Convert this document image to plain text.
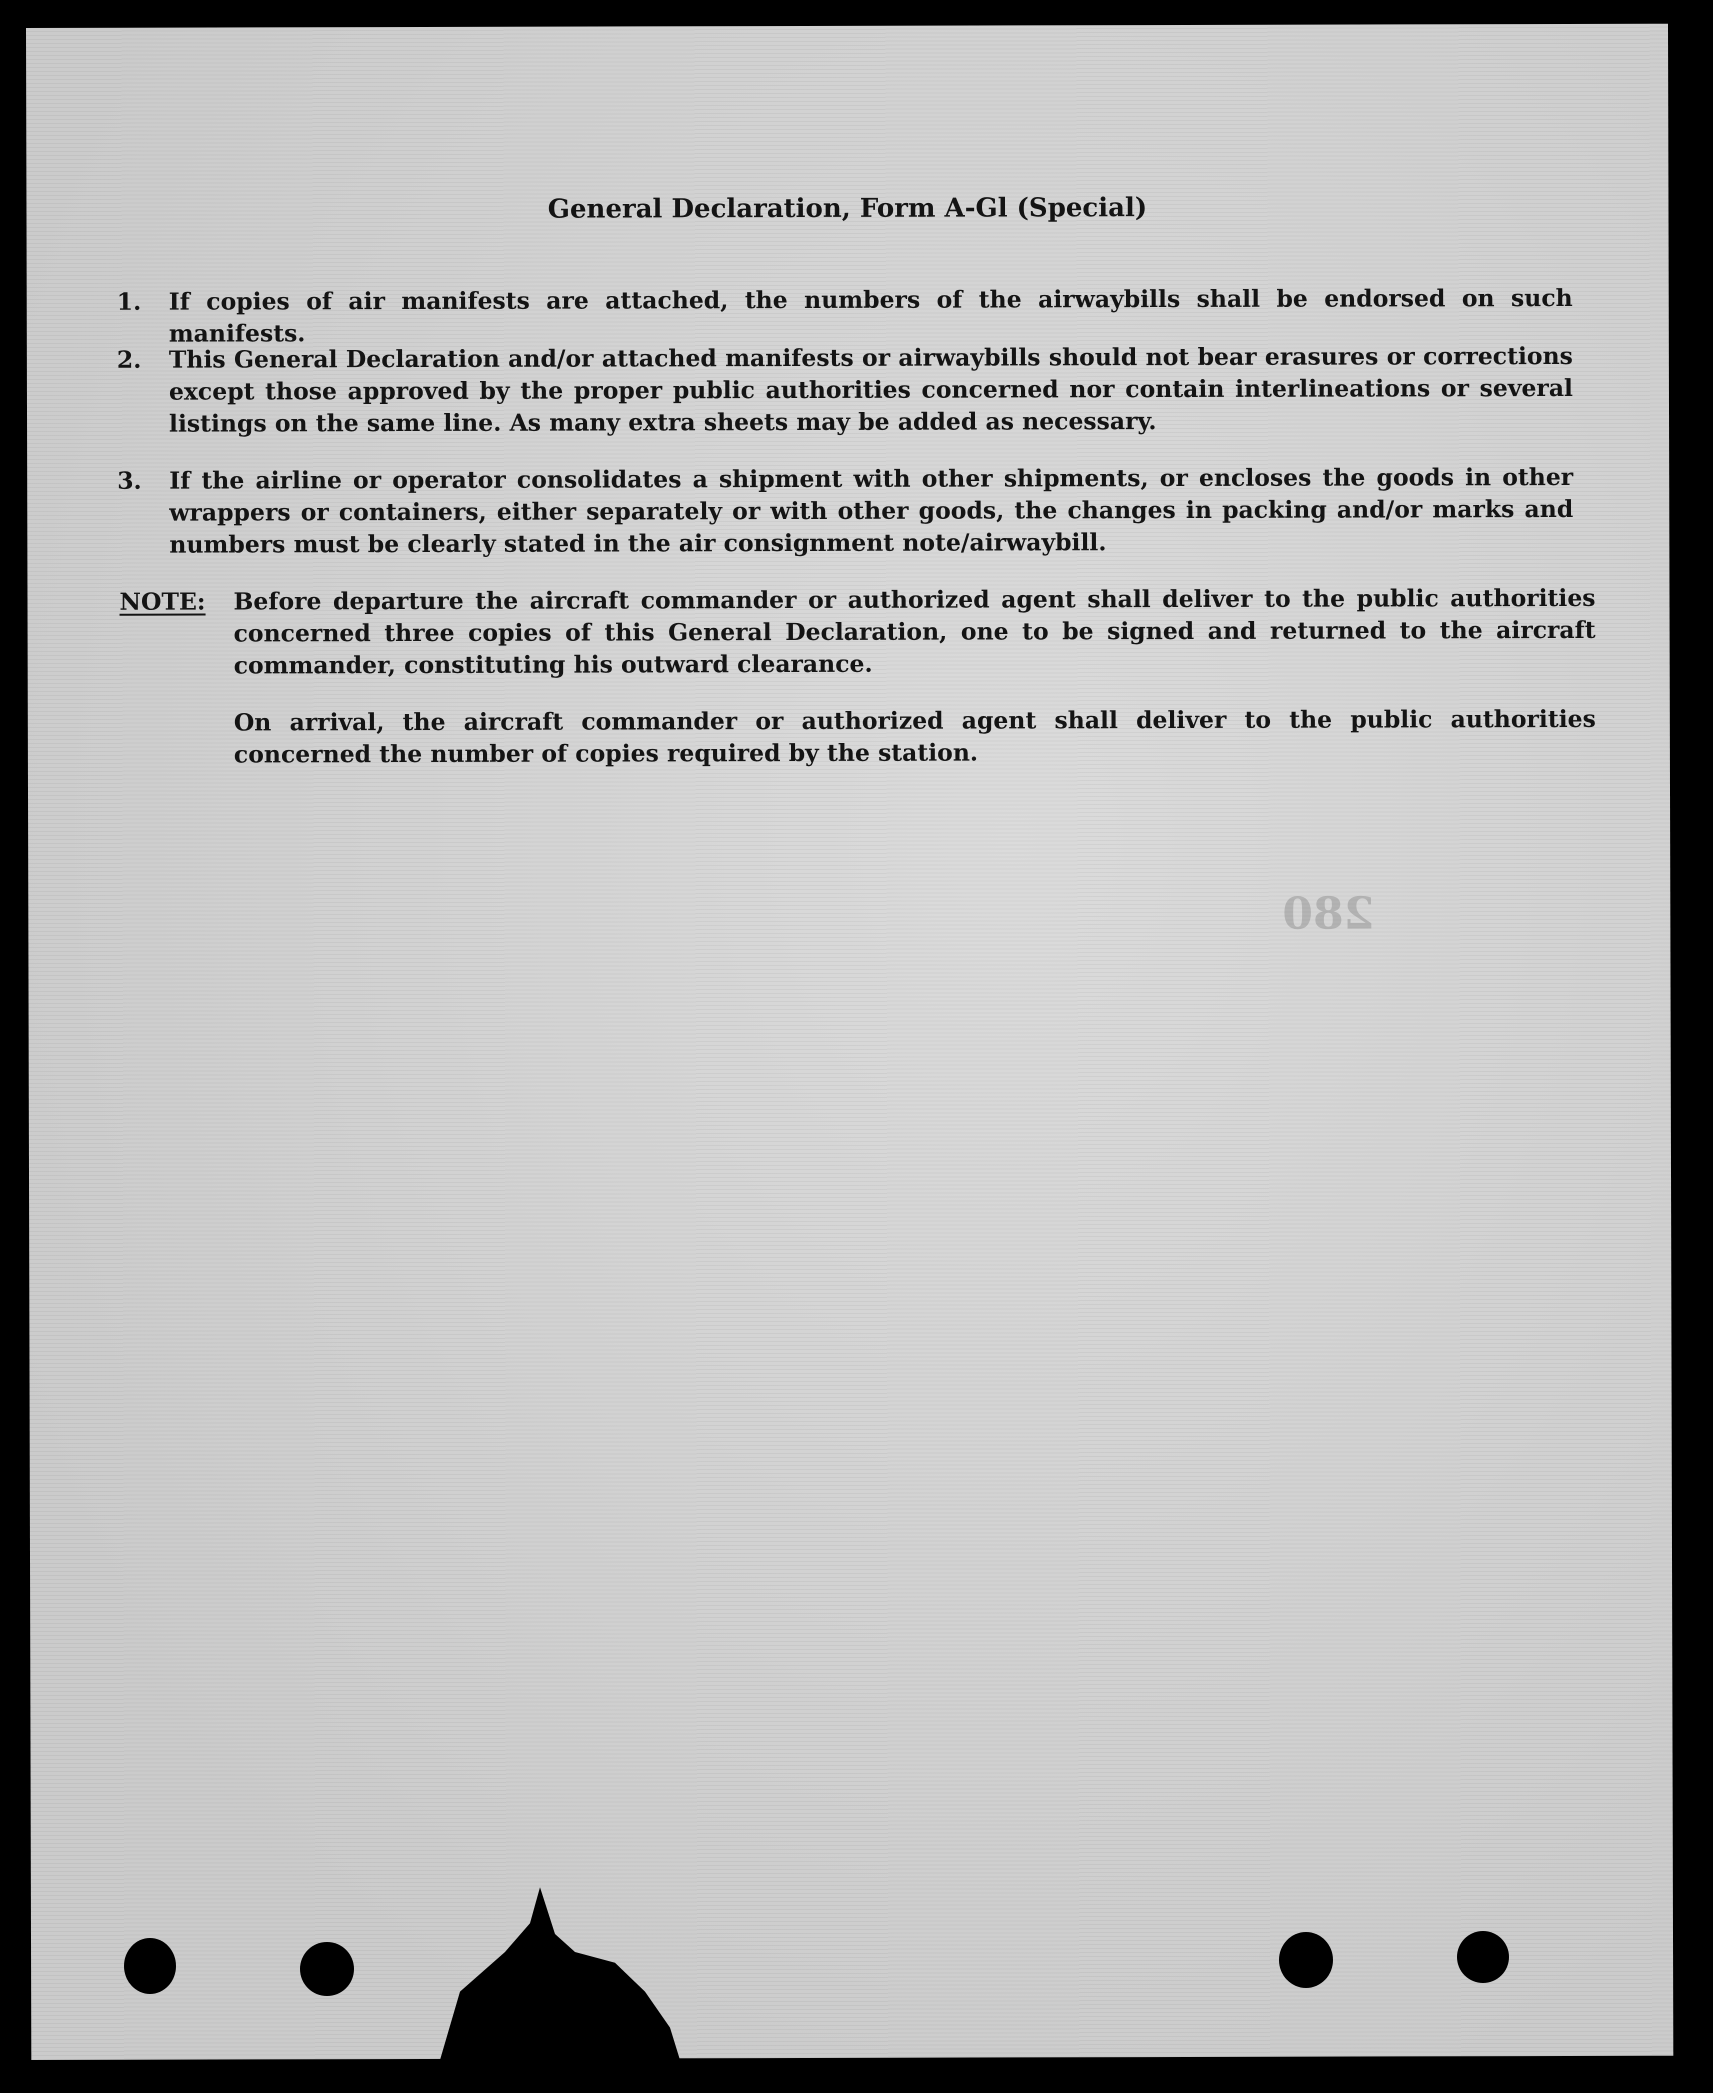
General Declaration, Form A-Gl (Special)
1. If copies of air manifests are attached, the numbers of the airwaybills shall be endorsed on such manifests.
2. This General Declaration and/or attached manifests or airwaybills should not bear erasures or corrections except those approved by the proper public authorities concerned nor contain interlineations or several listings on the same line. As many extra sheets may be added as necessary.
3. If the airline or operator consolidates a shipment with other shipments, or encloses the goods in other wrappers or containers, either separately or with other goods, the changes in packing and/or marks and numbers must be clearly stated in the air consignment note/airwaybill.
NOTE: Before departure the aircraft commander or authorized agent shall deliver to the public authorities concerned three copies of this General Declaration, one to be signed and returned to the aircraft commander, constituting his outward clearance.
On arrival, the aircraft commander or authorized agent shall deliver to the public authorities concerned the number of copies required by the station.
280
